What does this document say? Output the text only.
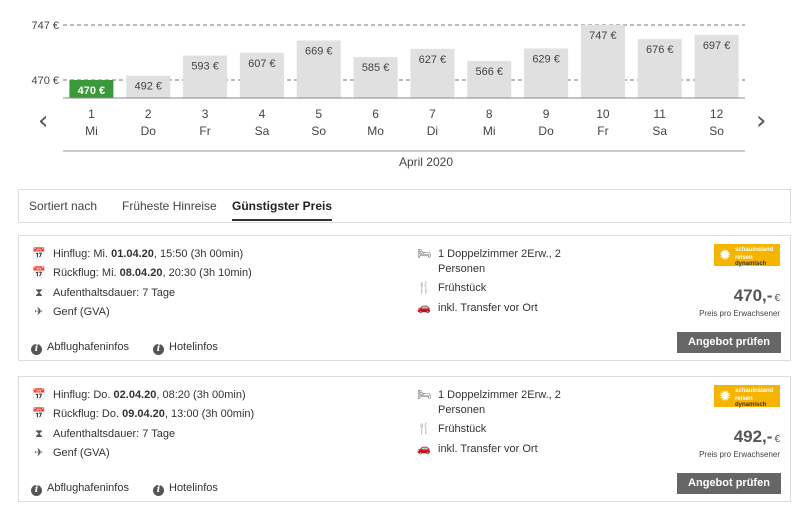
747 €
470 €
470 €
1
Mi
492 €
2
Do
593 €
3
Fr
607 €
4
Sa
669 €
5
So
585 €
6
Mo
627 €
7
Di
566 €
8
Mi
629 €
9
Do
747 €
10
Fr
676 €
11
Sa
697 €
12
So
April 2020
‹	›
Sortiert nach Früheste Hinreise Günstigster Preis
📅 Hinflug: Mi. 01.04.20, 15:50 (3h 00min)
📅 Rückflug: Mi. 08.04.20, 20:30 (3h 10min)
⧗ Aufenthaltsdauer: 7 Tage
✈ Genf (GVA)
i Abflughafeninfos	i Hotelinfos
🛏 1 Doppelzimmer 2Erw., 2
Personen
🍴 Frühstück
🚗 inkl. Transfer vor Ort
✹ schauinsland
reisen dynamisch
470,- €
Preis pro Erwachsener
Angebot prüfen
📅 Hinflug: Do. 02.04.20, 08:20 (3h 00min)
📅 Rückflug: Do. 09.04.20, 13:00 (3h 00min)
⧗ Aufenthaltsdauer: 7 Tage
✈ Genf (GVA)
i Abflughafeninfos	i Hotelinfos
🛏 1 Doppelzimmer 2Erw., 2
Personen
🍴 Frühstück
🚗 inkl. Transfer vor Ort
✹ schauinsland
reisen dynamisch
492,- €
Preis pro Erwachsener
Angebot prüfen
